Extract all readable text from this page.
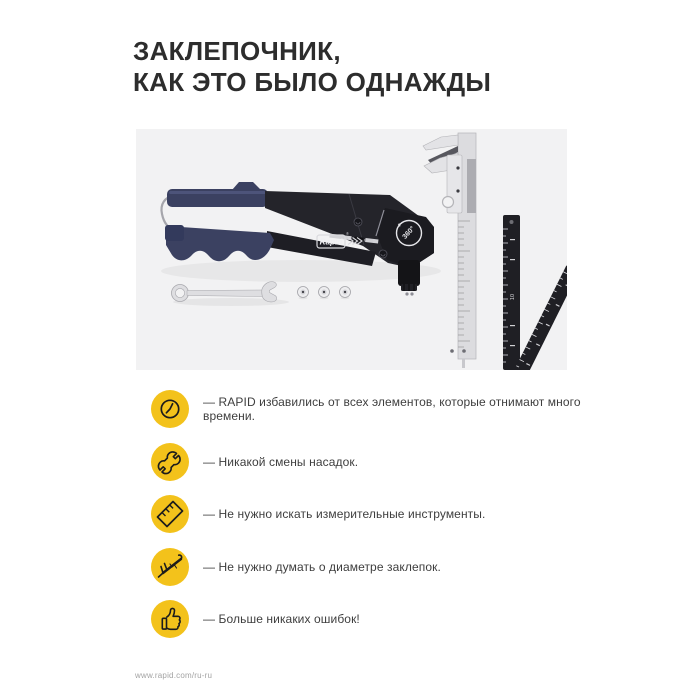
ЗАКЛЕПОЧНИК,
КАК ЭТО БЫЛО ОДНАЖДЫ
360°
Rapid
®
RP60
10
— RAPID избавились от всех элементов, которые отнимают много времени.
— Никакой смены насадок.
— Не нужно искать измерительные инструменты.
— Не нужно думать о диаметре заклепок.
— Больше никаких ошибок!
www.rapid.com/ru-ru
